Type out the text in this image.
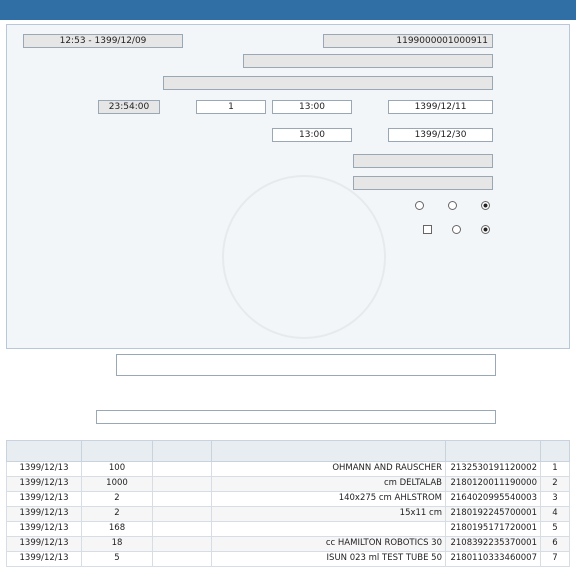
1199000001000911
1399/12/09 - 12:53
1399/12/11
13:00
1
23:54:00
1399/12/30
13:00

1	2132530191120002	OHMANN AND RAUSCHER		100	1399/12/13
2	2180120011190000	cm DELTALAB		1000	1399/12/13
3	2164020995540003	140x275 cm AHLSTROM		2	1399/12/13
4	2180192245700001	15x11 cm		2	1399/12/13
5	2180195171720001			168	1399/12/13
6	2108392235370001	30 cc HAMILTON ROBOTICS		18	1399/12/13
7	2180110333460007	50 ISUN 023 ml TEST TUBE		5	1399/12/13
